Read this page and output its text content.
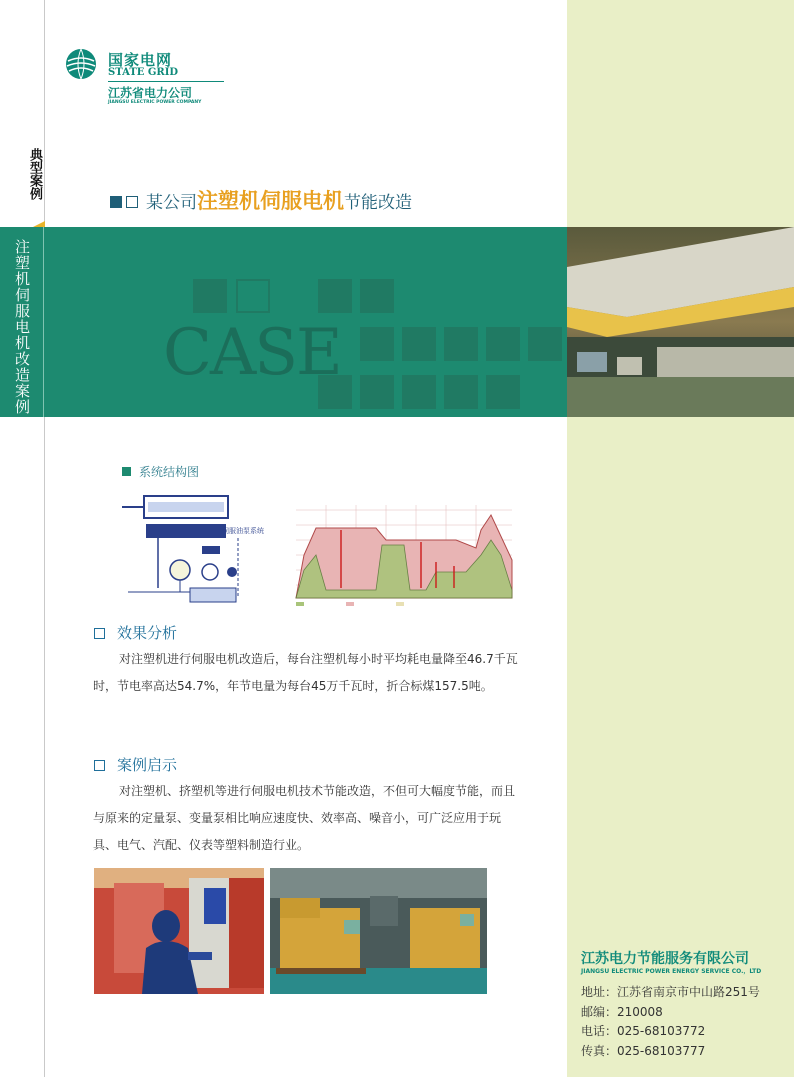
国家电网
STATE GRID
江苏省电力公司
JIANGSU ELECTRIC POWER COMPANY
典型案例
某公司注塑机伺服电机节能改造
CASE
注塑机伺服电机改造案例
系统结构图
伺服油泵系统
效果分析
对注塑机进行伺服电机改造后，每台注塑机每小时平均耗电量降至46.7千瓦时，节电率高达54.7%，年节电量为每台45万千瓦时，折合标煤157.5吨。
案例启示
对注塑机、挤塑机等进行伺服电机技术节能改造，不但可大幅度节能，而且与原来的定量泵、变量泵相比响应速度快、效率高、噪音小，可广泛应用于玩具、电气、汽配、仪表等塑料制造行业。
江苏电力节能服务有限公司
JIANGSU ELECTRIC POWER ENERGY SERVICE CO.，LTD
地址：江苏省南京市中山路251号
邮编：210008
电话：025-68103772
传真：025-68103777
